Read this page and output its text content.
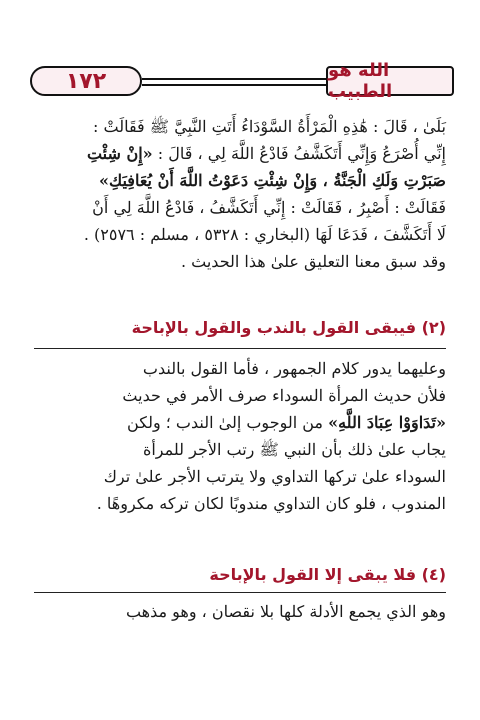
١٧٢	الله هو الطبيب
بَلَىٰ ، قَالَ : هَٰذِهِ الْمَرْأَةُ السَّوْدَاءُ أَتَتِ النَّبِيَّ ﷺ فَقَالَتْ :
إِنِّي أُصْرَعُ وَإِنِّي أَتَكَشَّفُ فَادْعُ اللَّهَ لِي ، قَالَ : «إِنْ شِئْتِ
صَبَرْتِ وَلَكِ الْجَنَّةُ ، وَإِنْ شِئْتِ دَعَوْتُ اللَّهَ أَنْ يُعَافِيَكِ»
فَقَالَتْ : أَصْبِرُ ، فَقَالَتْ : إِنِّي أَتَكَشَّفُ ، فَادْعُ اللَّهَ لِي أَنْ
لَا أَتَكَشَّفَ ، فَدَعَا لَهَا (البخاري : ٥٣٢٨ ، مسلم : ٢٥٧٦) .
وقد سبق معنا التعليق علىٰ هذا الحديث .
(٢) فيبقى القول بالندب والقول بالإباحة
وعليهما يدور كلام الجمهور ، فأما القول بالندب
فلأن حديث المرأة السوداء صرف الأمر في حديث
«تَدَاوَوْا عِبَادَ اللَّهِ» من الوجوب إلىٰ الندب ؛ ولكن
يجاب علىٰ ذلك بأن النبي ﷺ رتب الأجر للمرأة
السوداء علىٰ تركها التداوي ولا يترتب الأجر علىٰ ترك
المندوب ، فلو كان التداوي مندوبًا لكان تركه مكروهًا .
(٤) فلا يبقى إلا القول بالإباحة
وهو الذي يجمع الأدلة كلها بلا نقصان ، وهو مذهب
